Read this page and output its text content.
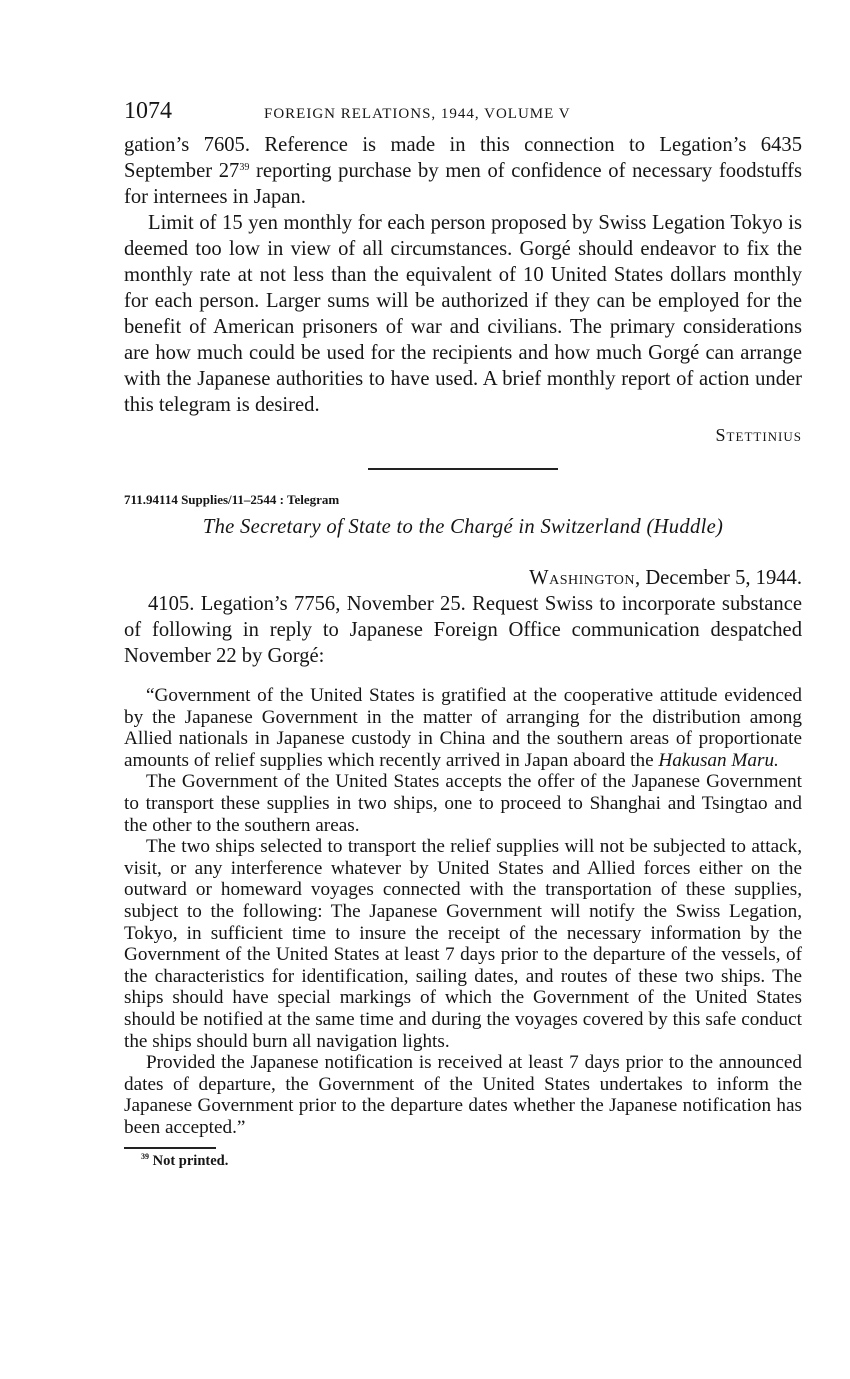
1074	FOREIGN RELATIONS, 1944, VOLUME V

gation’s 7605. Reference is made in this connection to Legation’s 6435 September $27^{39}$ reporting purchase by men of confidence of necessary foodstuffs for internees in Japan.

Limit of 15 yen monthly for each person proposed by Swiss Legation Tokyo is deemed too low in view of all circumstances. Gorgé should endeavor to fix the monthly rate at not less than the equivalent of 10 United States dollars monthly for each person. Larger sums will be authorized if they can be employed for the benefit of American prisoners of war and civilians. The primary considerations are how much could be used for the recipients and how much Gorgé can arrange with the Japanese authorities to have used. A brief monthly report of action under this telegram is desired.

Stettinius
711.94114 Supplies/11–2544 : Telegram
The Secretary of State to the Chargé in Switzerland (Huddle)
Washington, December 5, 1944.

4105. Legation’s 7756, November 25. Request Swiss to incorporate substance of following in reply to Japanese Foreign Office communication despatched November 22 by Gorgé:

“Government of the United States is gratified at the cooperative attitude evidenced by the Japanese Government in the matter of arranging for the distribution among Allied nationals in Japanese custody in China and the southern areas of proportionate amounts of relief supplies which recently arrived in Japan aboard the Hakusan Maru.

The Government of the United States accepts the offer of the Japanese Government to transport these supplies in two ships, one to proceed to Shanghai and Tsingtao and the other to the southern areas.

The two ships selected to transport the relief supplies will not be subjected to attack, visit, or any interference whatever by United States and Allied forces either on the outward or homeward voyages connected with the transportation of these supplies, subject to the following: The Japanese Government will notify the Swiss Legation, Tokyo, in sufficient time to insure the receipt of the necessary information by the Government of the United States at least 7 days prior to the departure of the vessels, of the characteristics for identification, sailing dates, and routes of these two ships. The ships should have special markings of which the Government of the United States should be notified at the same time and during the voyages covered by this safe conduct the ships should burn all navigation lights.

Provided the Japanese notification is received at least 7 days prior to the announced dates of departure, the Government of the United States undertakes to inform the Japanese Government prior to the departure dates whether the Japanese notification has been accepted.”

$^{39}$ Not printed.
